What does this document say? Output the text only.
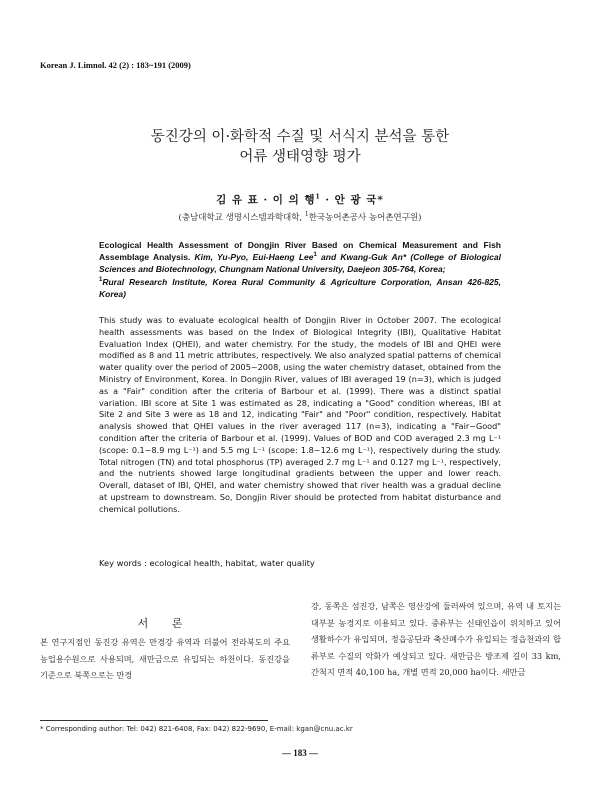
Korean J. Limnol. 42 (2) : 183~191 (2009)
동진강의 이·화학적 수질 및 서식지 분석을 통한
어류 생태영향 평가
김 유 표 · 이 의 행$^1$ · 안 광 국*
(충남대학교 생명시스템과학대학, $^1$한국농어촌공사 농어촌연구원)
Ecological Health Assessment of Dongjin River Based on Chemical Measurement and Fish Assemblage Analysis. Kim, Yu-Pyo, Eui-Haeng Lee$^1$ and Kwang-Guk An* (College of Biological Sciences and Biotechnology, Chungnam National University, Daejeon 305-764, Korea;
$^1$Rural Research Institute, Korea Rural Community & Agriculture Corporation, Ansan 426-825, Korea)
This study was to evaluate ecological health of Dongjin River in October 2007. The ecological health assessments was based on the Index of Biological Integrity (IBI), Qualitative Habitat Evaluation Index (QHEI), and water chemistry. For the study, the models of IBI and QHEI were modified as 8 and 11 metric attributes, respectively. We also analyzed spatial patterns of chemical water quality over the period of 2005~2008, using the water chemistry dataset, obtained from the Ministry of Environment, Korea. In Dongjin River, values of IBI averaged 19 (n=3), which is judged as a "Fair" condition after the criteria of Barbour et al. (1999). There was a distinct spatial variation. IBI score at Site 1 was estimated as 28, indicating a "Good" condition whereas, IBI at Site 2 and Site 3 were as 18 and 12, indicating "Fair" and "Poor" condition, respectively. Habitat analysis showed that QHEI values in the river averaged 117 (n=3), indicating a "Fair~Good" condition after the criteria of Barbour et al. (1999). Values of BOD and COD averaged 2.3 mg L⁻¹ (scope: 0.1~8.9 mg L⁻¹) and 5.5 mg L⁻¹ (scope: 1.8~12.6 mg L⁻¹), respectively during the study. Total nitrogen (TN) and total phosphorus (TP) averaged 2.7 mg L⁻¹ and 0.127 mg L⁻¹, respectively, and the nutrients showed large longitudinal gradients between the upper and lower reach. Overall, dataset of IBI, QHEI, and water chemistry showed that river health was a gradual decline at upstream to downstream. So, Dongjin River should be protected from habitat disturbance and chemical pollutions.
Key words : ecological health, habitat, water quality
서 론
본 연구지점인 동진강 유역은 만경강 유역과 더불어 전라북도의 주요 농업용수원으로 사용되며, 새만금으로 유입되는 하천이다. 동진강을 기준으로 북쪽으로는 만경
강, 동쪽은 섬진강, 남쪽은 영산강에 둘러싸여 있으며, 유역 내 토지는 대부분 농경지로 이용되고 있다. 중류부는 신태인읍이 위치하고 있어 생활하수가 유입되며, 정읍공단과 축산폐수가 유입되는 정읍천과의 합류부로 수질의 악화가 예상되고 있다. 새만금은 방조제 길이 33 km, 간척지 면적 40,100 ha, 개별 면적 20,000 ha이다. 새만금
* Corresponding author: Tel: 042) 821-6408, Fax: 042) 822-9690, E-mail: kgan@cnu.ac.kr
— 183 —
